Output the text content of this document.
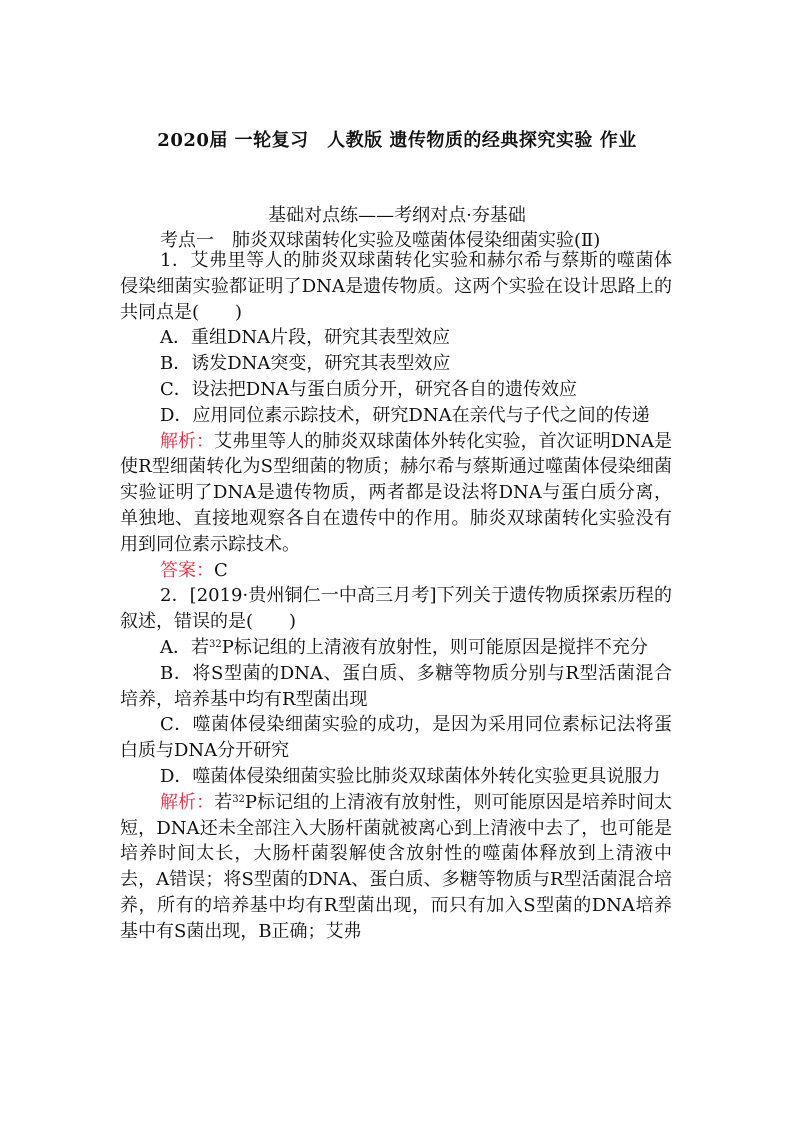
2020届 一轮复习　人教版 遗传物质的经典探究实验 作业
基础对点练——考纲对点·夯基础
考点一　肺炎双球菌转化实验及噬菌体侵染细菌实验(Ⅱ)

1．艾弗里等人的肺炎双球菌转化实验和赫尔希与蔡斯的噬菌体侵染细菌实验都证明了DNA是遗传物质。这两个实验在设计思路上的共同点是(　　)

A．重组DNA片段，研究其表型效应

B．诱发DNA突变，研究其表型效应

C．设法把DNA与蛋白质分开，研究各自的遗传效应

D．应用同位素示踪技术，研究DNA在亲代与子代之间的传递

解析：艾弗里等人的肺炎双球菌体外转化实验，首次证明DNA是使R型细菌转化为S型细菌的物质；赫尔希与蔡斯通过噬菌体侵染细菌实验证明了DNA是遗传物质，两者都是设法将DNA与蛋白质分离，单独地、直接地观察各自在遗传中的作用。肺炎双球菌转化实验没有用到同位素示踪技术。

答案：C

2．[2019·贵州铜仁一中高三月考]下列关于遗传物质探索历程的叙述，错误的是(　　)

A．若$^{32}$P标记组的上清液有放射性，则可能原因是搅拌不充分

B．将S型菌的DNA、蛋白质、多糖等物质分别与R型活菌混合培养，培养基中均有R型菌出现

C．噬菌体侵染细菌实验的成功，是因为采用同位素标记法将蛋白质与DNA分开研究

D．噬菌体侵染细菌实验比肺炎双球菌体外转化实验更具说服力

解析：若$^{32}$P标记组的上清液有放射性，则可能原因是培养时间太短，DNA还未全部注入大肠杆菌就被离心到上清液中去了，也可能是培养时间太长，大肠杆菌裂解使含放射性的噬菌体释放到上清液中去，A错误；将S型菌的DNA、蛋白质、多糖等物质与R型活菌混合培养，所有的培养基中均有R型菌出现，而只有加入S型菌的DNA培养基中有S菌出现，B正确；艾弗
